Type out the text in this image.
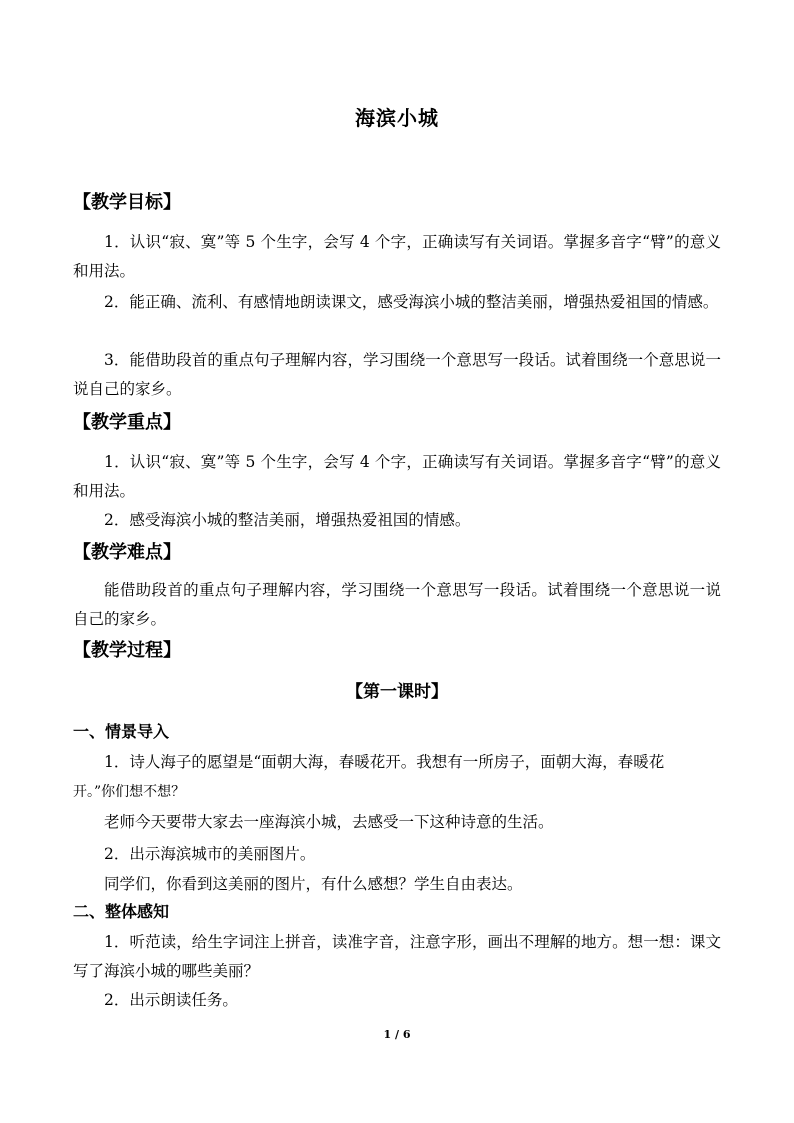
海滨小城
【教学目标】
1．认识“寂、寞”等 5 个生字，会写 4 个字，正确读写有关词语。掌握多音字“臂”的意义和用法。
2．能正确、流利、有感情地朗读课文，感受海滨小城的整洁美丽，增强热爱祖国的情感。
3．能借助段首的重点句子理解内容，学习围绕一个意思写一段话。试着围绕一个意思说一说自己的家乡。
【教学重点】
1．认识“寂、寞”等 5 个生字，会写 4 个字，正确读写有关词语。掌握多音字“臂”的意义和用法。
2．感受海滨小城的整洁美丽，增强热爱祖国的情感。
【教学难点】
能借助段首的重点句子理解内容，学习围绕一个意思写一段话。试着围绕一个意思说一说自己的家乡。
【教学过程】
【第一课时】
一、情景导入
1．诗人海子的愿望是“面朝大海，春暖花开。我想有一所房子，面朝大海，春暖花
开。”你们想不想？
老师今天要带大家去一座海滨小城，去感受一下这种诗意的生活。
2．出示海滨城市的美丽图片。
同学们，你看到这美丽的图片，有什么感想？学生自由表达。
二、整体感知
1．听范读，给生字词注上拼音，读准字音，注意字形，画出不理解的地方。想一想：课文写了海滨小城的哪些美丽？
2．出示朗读任务。
1 / 6
